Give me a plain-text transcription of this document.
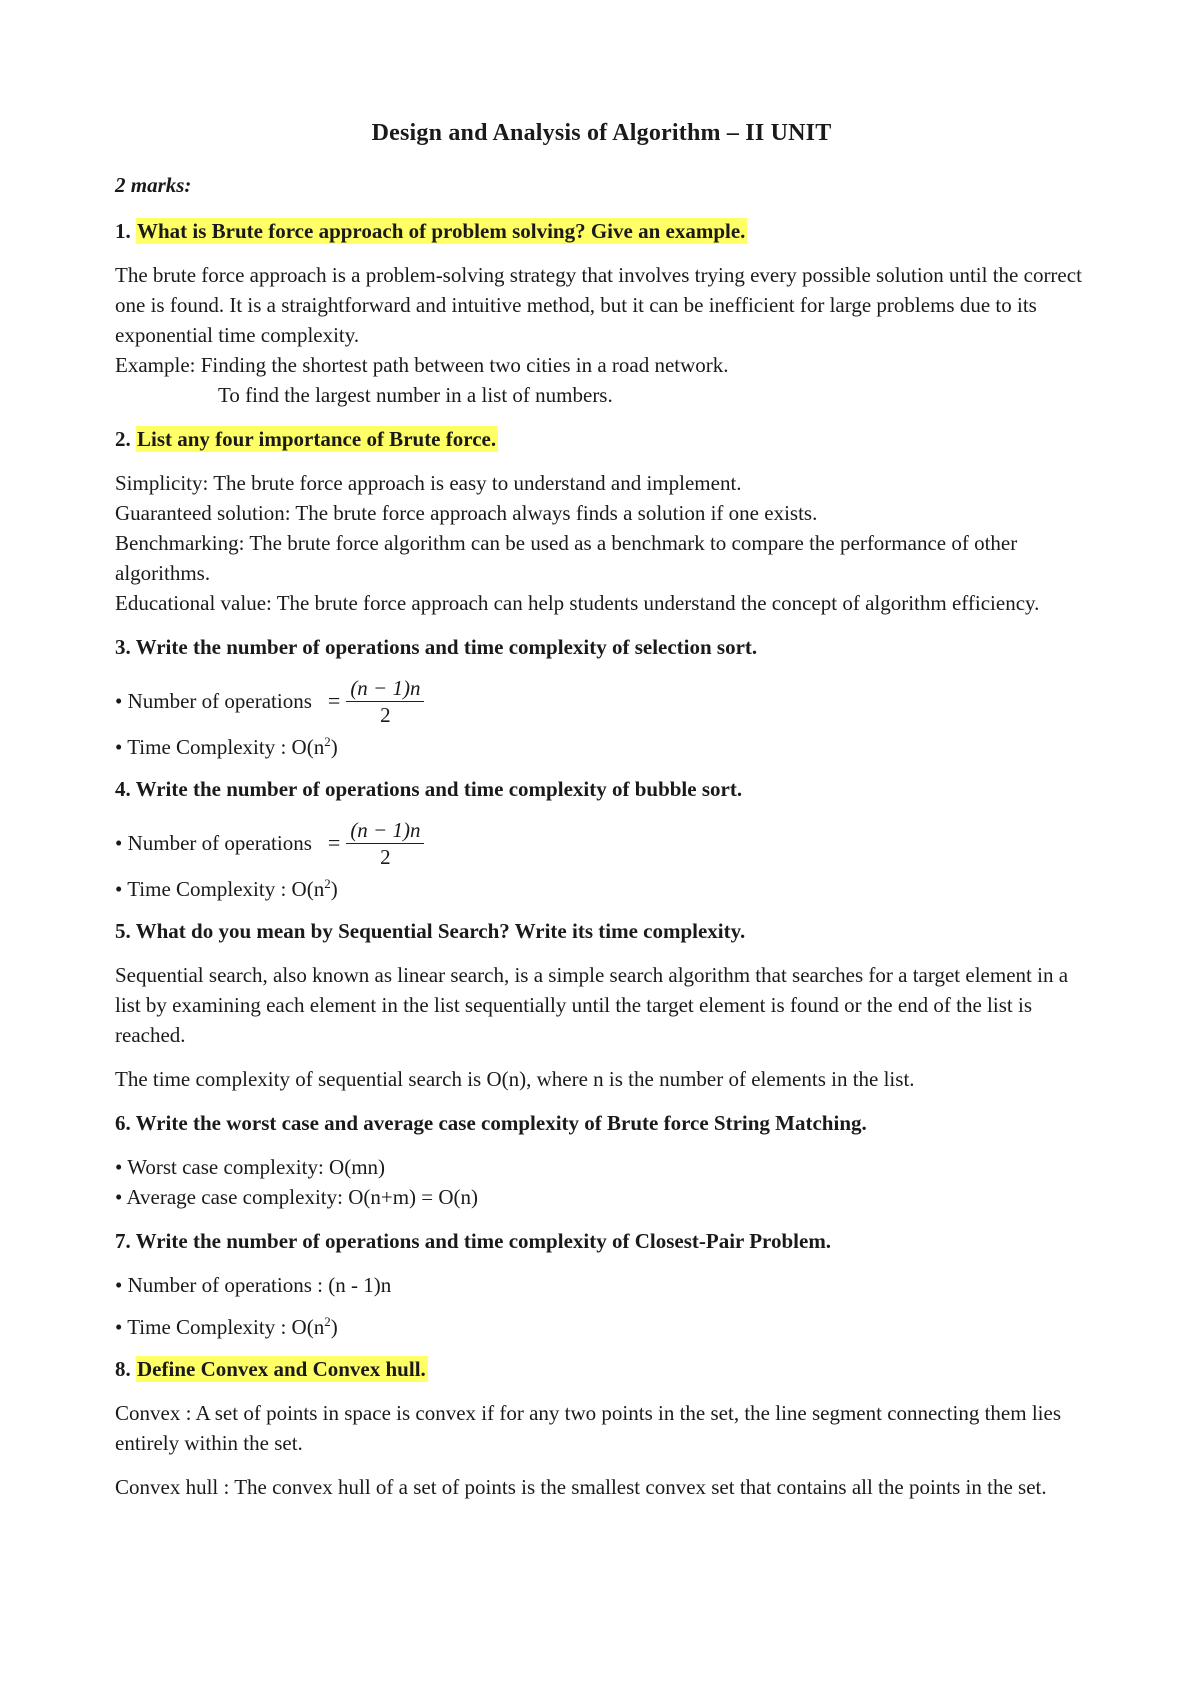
Design and Analysis of Algorithm – II UNIT
2 marks:
1. What is Brute force approach of problem solving? Give an example.

The brute force approach is a problem-solving strategy that involves trying every possible solution until the correct one is found. It is a straightforward and intuitive method, but it can be inefficient for large problems due to its exponential time complexity.

Example: Finding the shortest path between two cities in a road network.

To find the largest number in a list of numbers.

2. List any four importance of Brute force.

Simplicity: The brute force approach is easy to understand and implement.

Guaranteed solution: The brute force approach always finds a solution if one exists.

Benchmarking: The brute force algorithm can be used as a benchmark to compare the performance of other algorithms.

Educational value: The brute force approach can help students understand the concept of algorithm efficiency.

3. Write the number of operations and time complexity of selection sort.
• Number of operations = $\frac{(n - 1)n}{2}$
• Time Complexity : $O(n^2)$
4. Write the number of operations and time complexity of bubble sort.
• Number of operations = $\frac{(n - 1)n}{2}$
• Time Complexity : $O(n^2)$
5. What do you mean by Sequential Search? Write its time complexity.

Sequential search, also known as linear search, is a simple search algorithm that searches for a target element in a list by examining each element in the list sequentially until the target element is found or the end of the list is reached.

The time complexity of sequential search is O(n), where n is the number of elements in the list.

6. Write the worst case and average case complexity of Brute force String Matching.

• Worst case complexity: O(mn)

• Average case complexity: O(n+m) = O(n)

7. Write the number of operations and time complexity of Closest-Pair Problem.
• Number of operations : (n - 1)n
• Time Complexity : $O(n^2)$
8. Define Convex and Convex hull.

Convex : A set of points in space is convex if for any two points in the set, the line segment connecting them lies entirely within the set.

Convex hull : The convex hull of a set of points is the smallest convex set that contains all the points in the set.
